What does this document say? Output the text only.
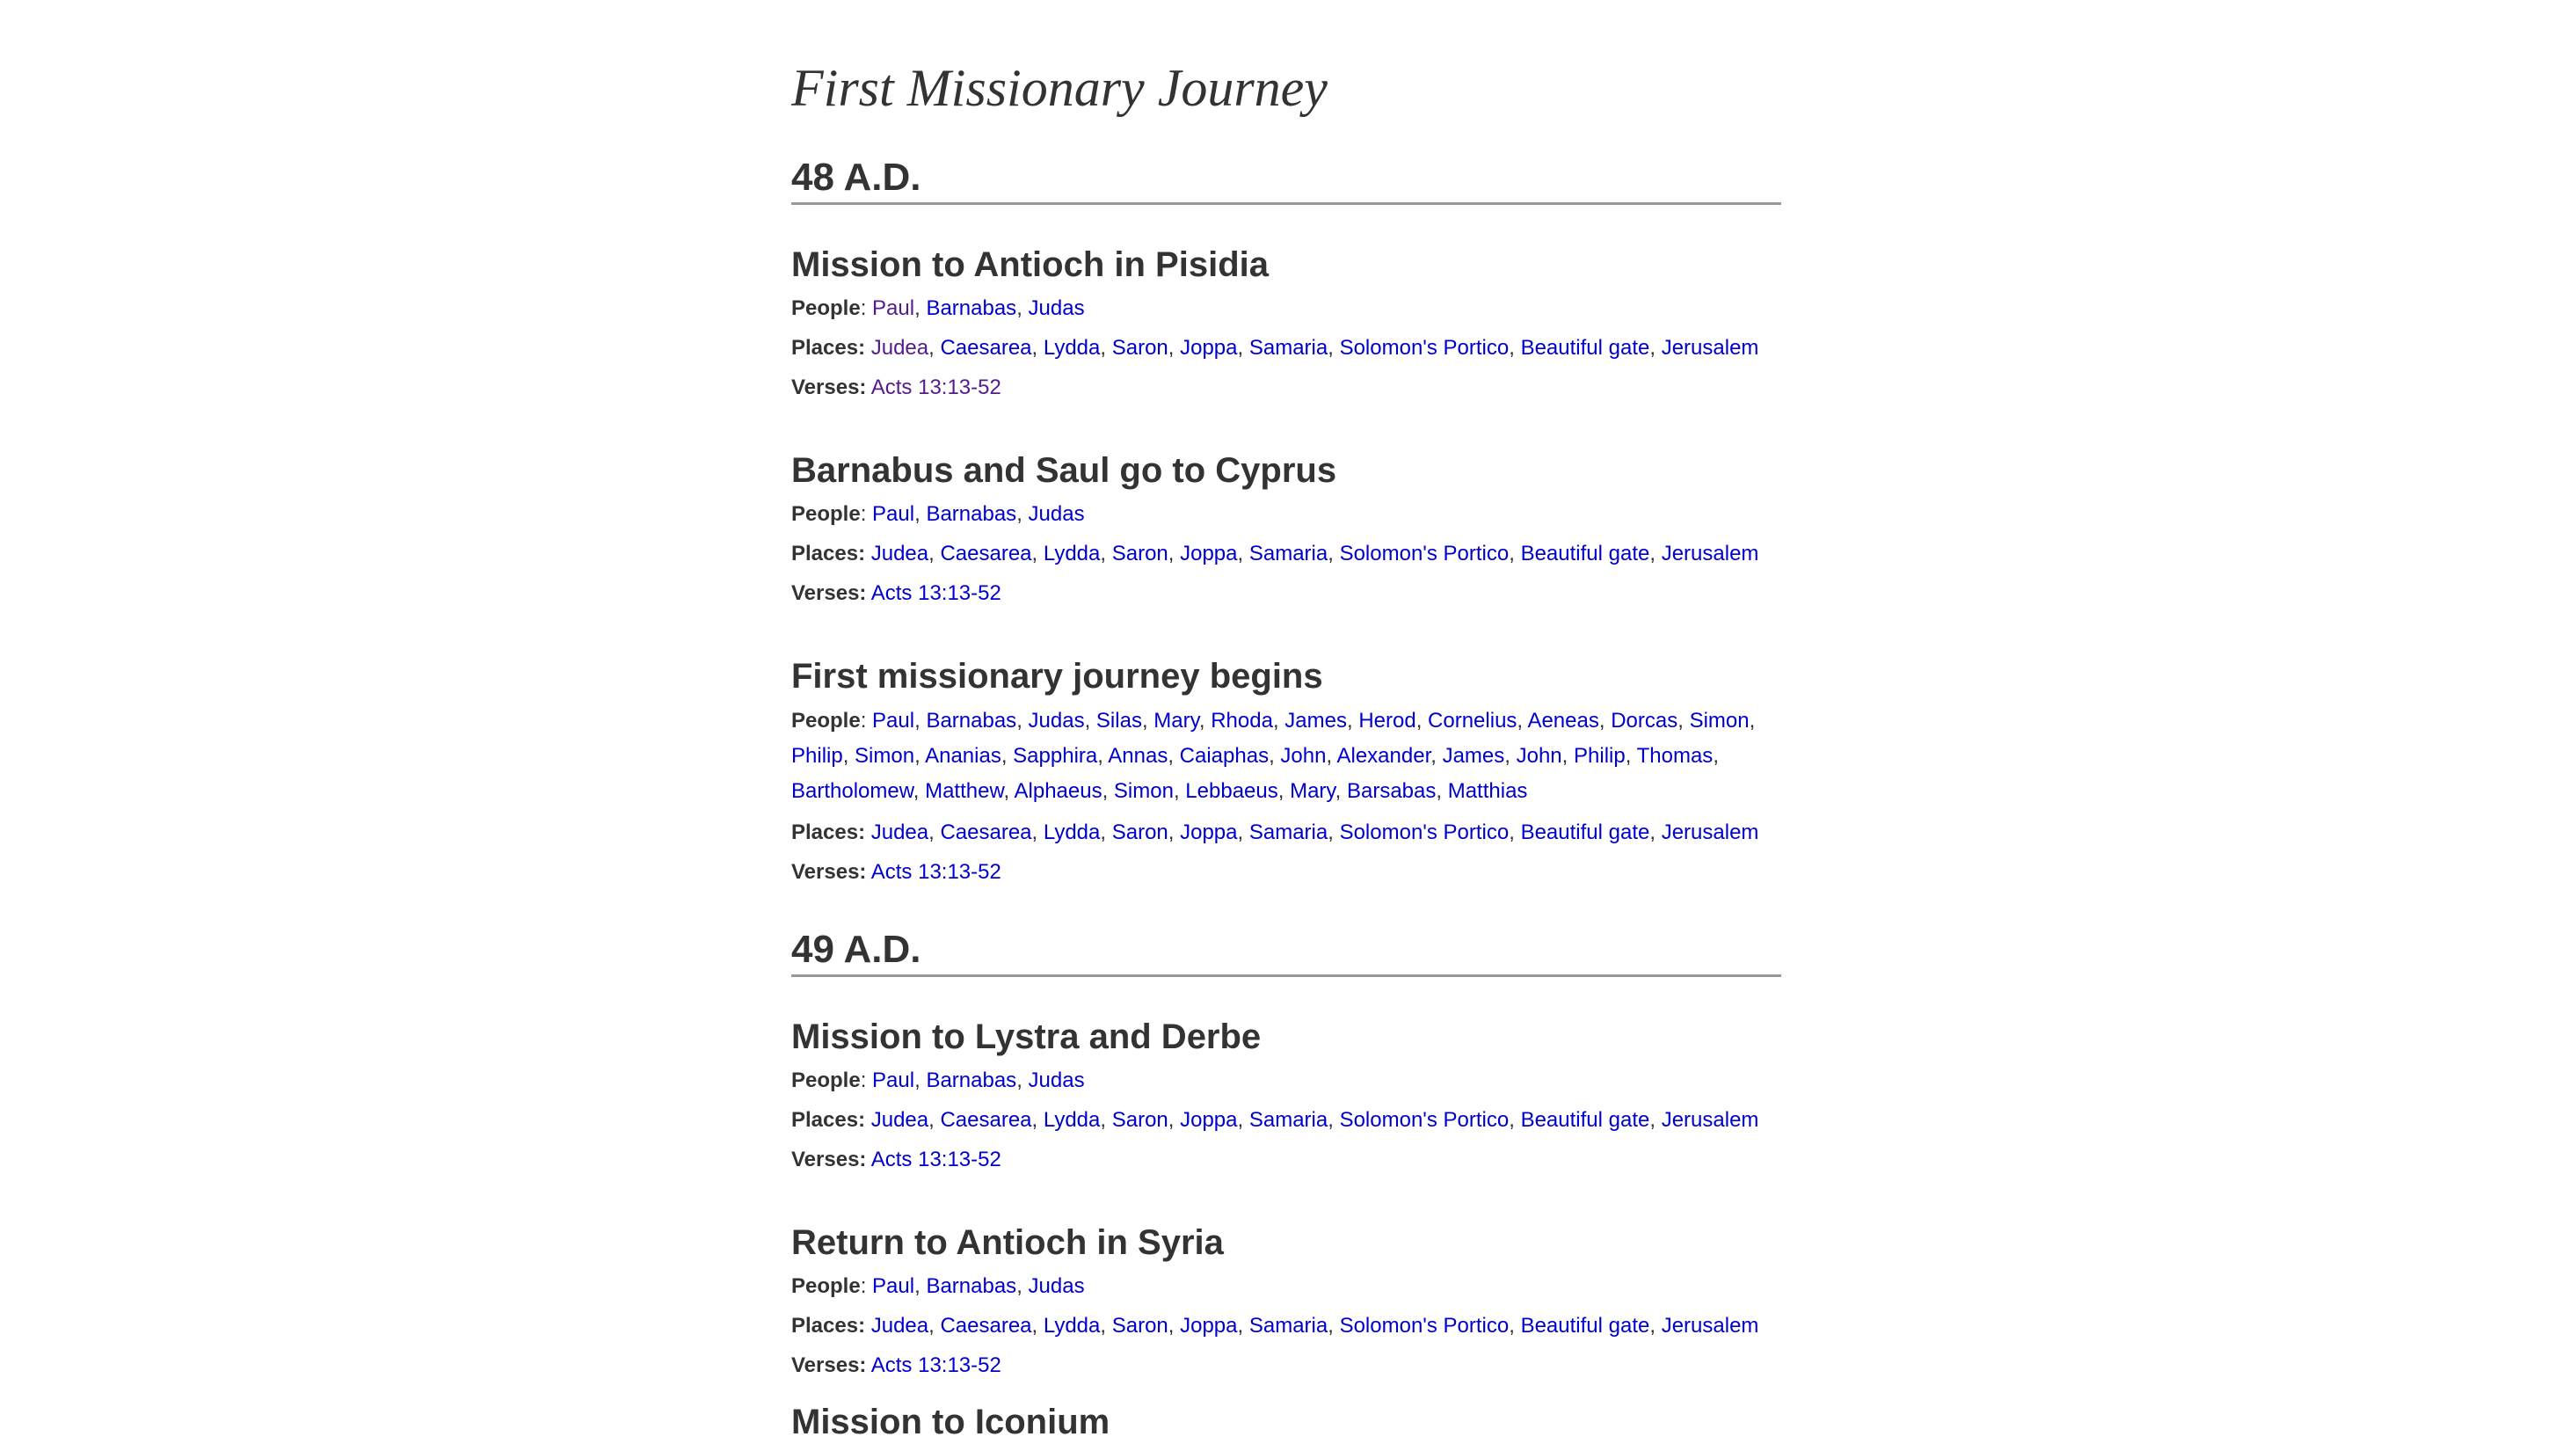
First Missionary Journey
48 A.D.
Mission to Antioch in Pisidia
People: Paul, Barnabas, Judas
Places: Judea, Caesarea, Lydda, Saron, Joppa, Samaria, Solomon's Portico, Beautiful gate, Jerusalem
Verses: Acts 13:13-52
Barnabus and Saul go to Cyprus
People: Paul, Barnabas, Judas
Places: Judea, Caesarea, Lydda, Saron, Joppa, Samaria, Solomon's Portico, Beautiful gate, Jerusalem
Verses: Acts 13:13-52
First missionary journey begins
People: Paul, Barnabas, Judas, Silas, Mary, Rhoda, James, Herod, Cornelius, Aeneas, Dorcas, Simon,
Philip, Simon, Ananias, Sapphira, Annas, Caiaphas, John, Alexander, James, John, Philip, Thomas,
Bartholomew, Matthew, Alphaeus, Simon, Lebbaeus, Mary, Barsabas, Matthias
Places: Judea, Caesarea, Lydda, Saron, Joppa, Samaria, Solomon's Portico, Beautiful gate, Jerusalem
Verses: Acts 13:13-52
49 A.D.
Mission to Lystra and Derbe
People: Paul, Barnabas, Judas
Places: Judea, Caesarea, Lydda, Saron, Joppa, Samaria, Solomon's Portico, Beautiful gate, Jerusalem
Verses: Acts 13:13-52
Return to Antioch in Syria
People: Paul, Barnabas, Judas
Places: Judea, Caesarea, Lydda, Saron, Joppa, Samaria, Solomon's Portico, Beautiful gate, Jerusalem
Verses: Acts 13:13-52
Mission to Iconium
